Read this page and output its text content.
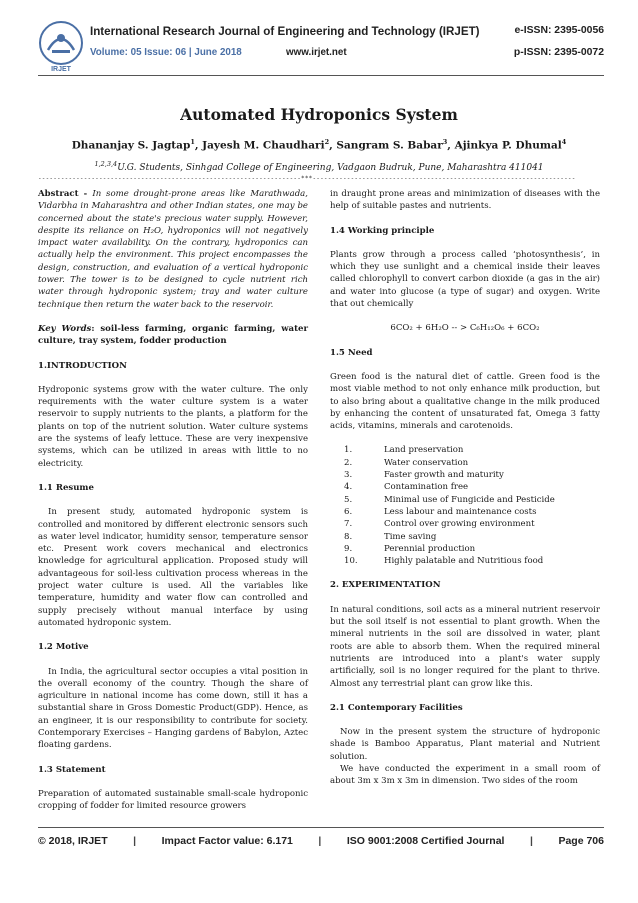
IRJET
International Research Journal of Engineering and Technology (IRJET)	e-ISSN: 2395-0056
Volume: 05 Issue: 06 | June 2018	www.irjet.net	p-ISSN: 2395-0072
Automated Hydroponics System
Dhananjay S. Jagtap$^1$, Jayesh M. Chaudhari$^2$, Sangram S. Babar$^3$, Ajinkya P. Dhumal$^4$
$^{1,2,3,4}$U.G. Students, Sinhgad College of Engineering, Vadgaon Budruk, Pune, Maharashtra 411041
---------------------------------------------------------------------***---------------------------------------------------------------------

Abstract - In some drought-prone areas like Marathwada, Vidarbha in Maharashtra and other Indian states, one may be concerned about the state's precious water supply. However, despite its reliance on H₂O, hydroponics will not negatively impact water availability. On the contrary, hydroponics can actually help the environment. This project encompasses the design, construction, and evaluation of a vertical hydroponic tower. The tower is to be designed to cycle nutrient rich water through hydroponic system; tray and water culture technique then return the water back to the reservoir.

Key Words: soil-less farming, organic farming, water culture, tray system, fodder production

1.INTRODUCTION

Hydroponic systems grow with the water culture. The only requirements with the water culture system is a water reservoir to supply nutrients to the plants, a platform for the plants on top of the nutrient solution. Water culture systems are the systems of leafy lettuce. These are very inexpensive systems, which can be utilized in areas with little to no electricity.

1.1 Resume

In present study, automated hydroponic system is controlled and monitored by different electronic sensors such as water level indicator, humidity sensor, temperature sensor etc. Present work covers mechanical and electronics knowledge for agricultural application. Proposed study will advantageous for soil-less cultivation process whereas in the project water culture is used. All the variables like temperature, humidity and water flow can controlled and supply precisely without manual interface by using automated hydroponic system.

1.2 Motive

In India, the agricultural sector occupies a vital position in the overall economy of the country. Though the share of agriculture in national income has come down, still it has a substantial share in Gross Domestic Product(GDP). Hence, as an engineer, it is our responsibility to contribute for society. Contemporary Exercises – Hanging gardens of Babylon, Aztec floating gardens.

1.3 Statement

Preparation of automated sustainable small-scale hydroponic cropping of fodder for limited resource growers

in draught prone areas and minimization of diseases with the help of suitable pastes and nutrients.

1.4 Working principle

Plants grow through a process called ‘photosynthesis’, in which they use sunlight and a chemical inside their leaves called chlorophyll to convert carbon dioxide (a gas in the air) and water into glucose (a type of sugar) and oxygen. Write that out chemically

6CO₂ + 6H₂O -- > C₆H₁₂O₆ + 6CO₂
1.5 Need

Green food is the natural diet of cattle. Green food is the most viable method to not only enhance milk production, but to also bring about a qualitative change in the milk produced by enhancing the content of unsaturated fat, Omega 3 fatty acids, vitamins, minerals and carotenoids.

1.	Land preservation
2.	Water conservation
3.	Faster growth and maturity
4.	Contamination free
5.	Minimal use of Fungicide and Pesticide
6.	Less labour and maintenance costs
7.	Control over growing environment
8.	Time saving
9.	Perennial production
10.	Highly palatable and Nutritious food
2. EXPERIMENTATION

In natural conditions, soil acts as a mineral nutrient reservoir but the soil itself is not essential to plant growth. When the mineral nutrients in the soil are dissolved in water, plant roots are able to absorb them. When the required mineral nutrients are introduced into a plant's water supply artificially, soil is no longer required for the plant to thrive. Almost any terrestrial plant can grow like this.

2.1 Contemporary Facilities

Now in the present system the structure of hydroponic shade is Bamboo Apparatus, Plant material and Nutrient solution.

We have conducted the experiment in a small room of about 3m x 3m x 3m in dimension. Two sides of the room

© 2018, IRJET | Impact Factor value: 6.171 | ISO 9001:2008 Certified Journal | Page 706
